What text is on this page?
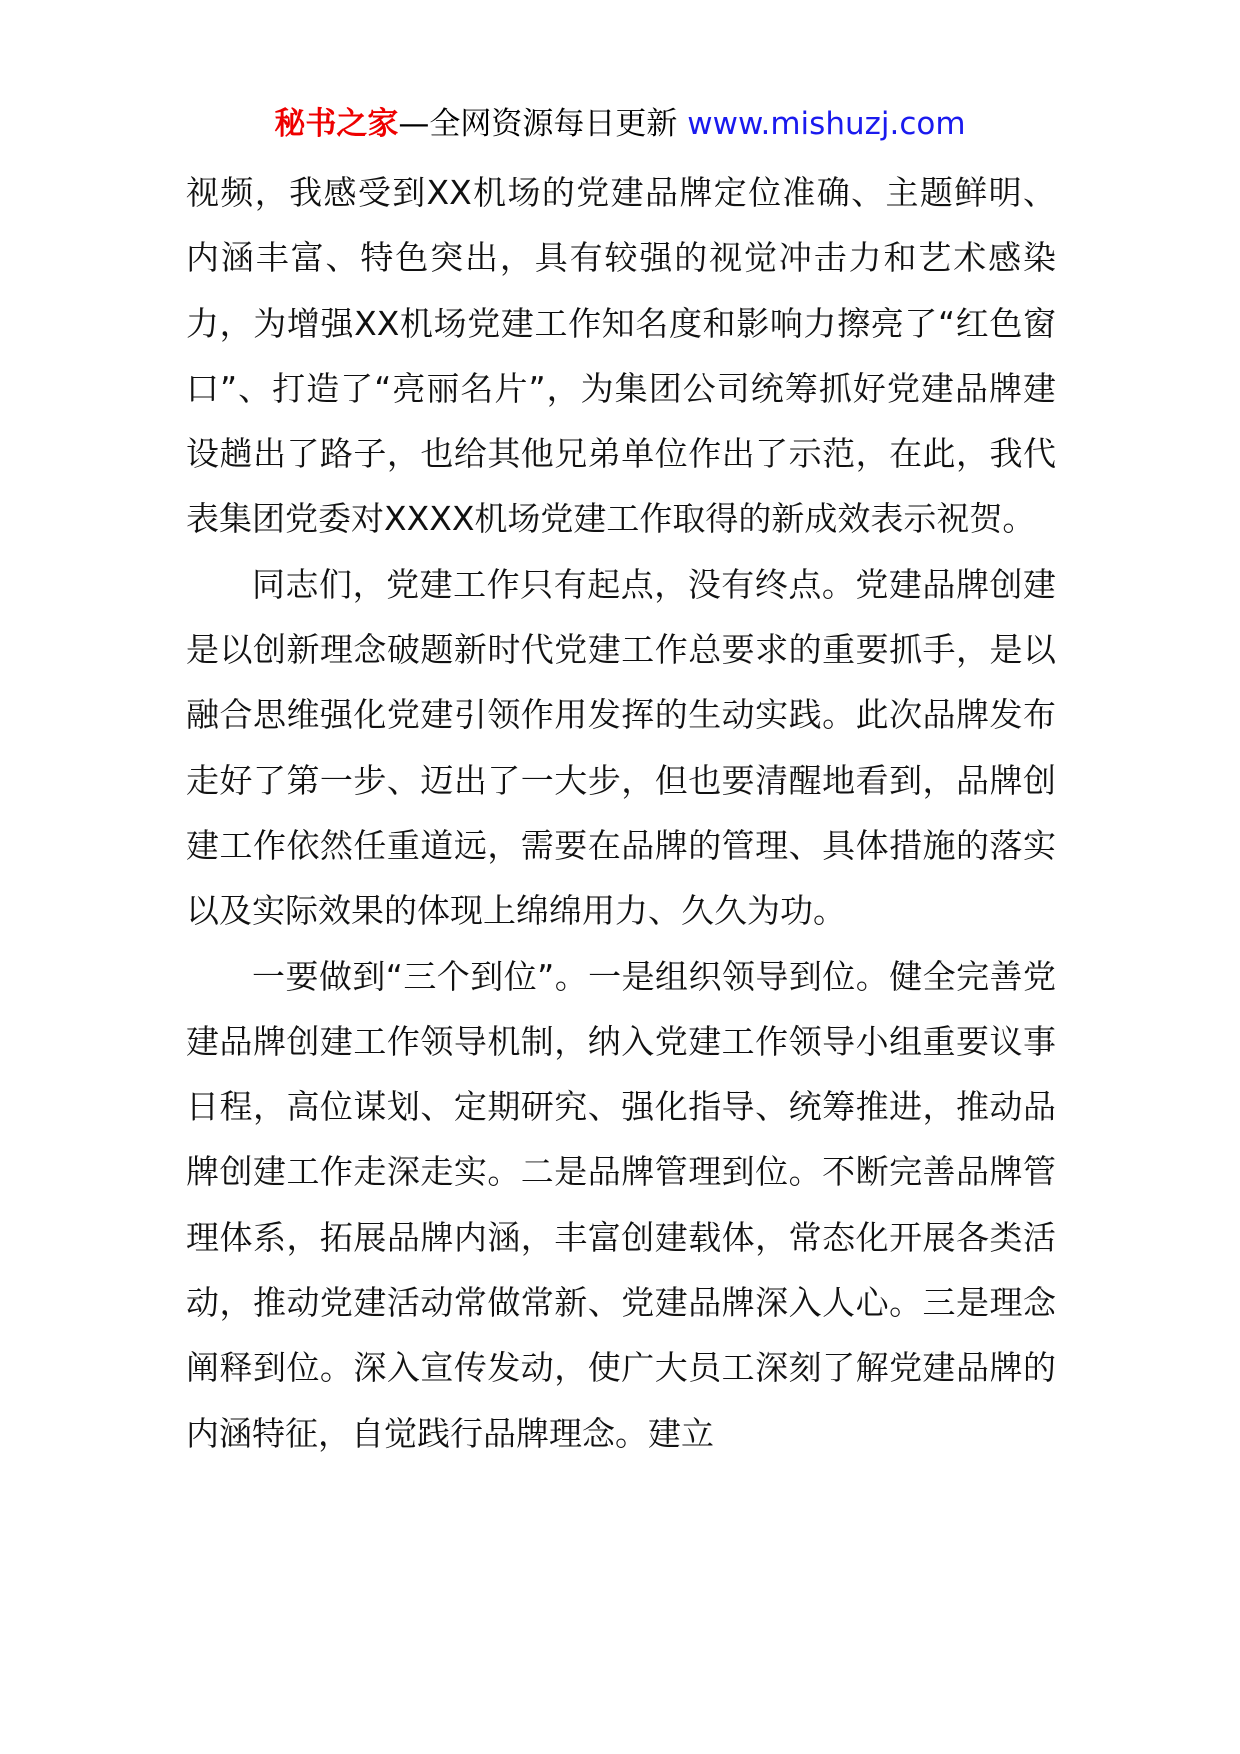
秘书之家—全网资源每日更新 www.mishuzj.com

视频，我感受到XX机场的党建品牌定位准确、主题鲜明、内涵丰富、特色突出，具有较强的视觉冲击力和艺术感染力，为增强XX机场党建工作知名度和影响力擦亮了“红色窗口”、打造了“亮丽名片”，为集团公司统筹抓好党建品牌建设趟出了路子，也给其他兄弟单位作出了示范，在此，我代表集团党委对XXXX机场党建工作取得的新成效表示祝贺。

同志们，党建工作只有起点，没有终点。党建品牌创建是以创新理念破题新时代党建工作总要求的重要抓手，是以融合思维强化党建引领作用发挥的生动实践。此次品牌发布走好了第一步、迈出了一大步，但也要清醒地看到，品牌创建工作依然任重道远，需要在品牌的管理、具体措施的落实以及实际效果的体现上绵绵用力、久久为功。

一要做到“三个到位”。一是组织领导到位。健全完善党建品牌创建工作领导机制，纳入党建工作领导小组重要议事日程，高位谋划、定期研究、强化指导、统筹推进，推动品牌创建工作走深走实。二是品牌管理到位。不断完善品牌管理体系，拓展品牌内涵，丰富创建载体，常态化开展各类活动，推动党建活动常做常新、党建品牌深入人心。三是理念阐释到位。深入宣传发动，使广大员工深刻了解党建品牌的内涵特征，自觉践行品牌理念。建立
